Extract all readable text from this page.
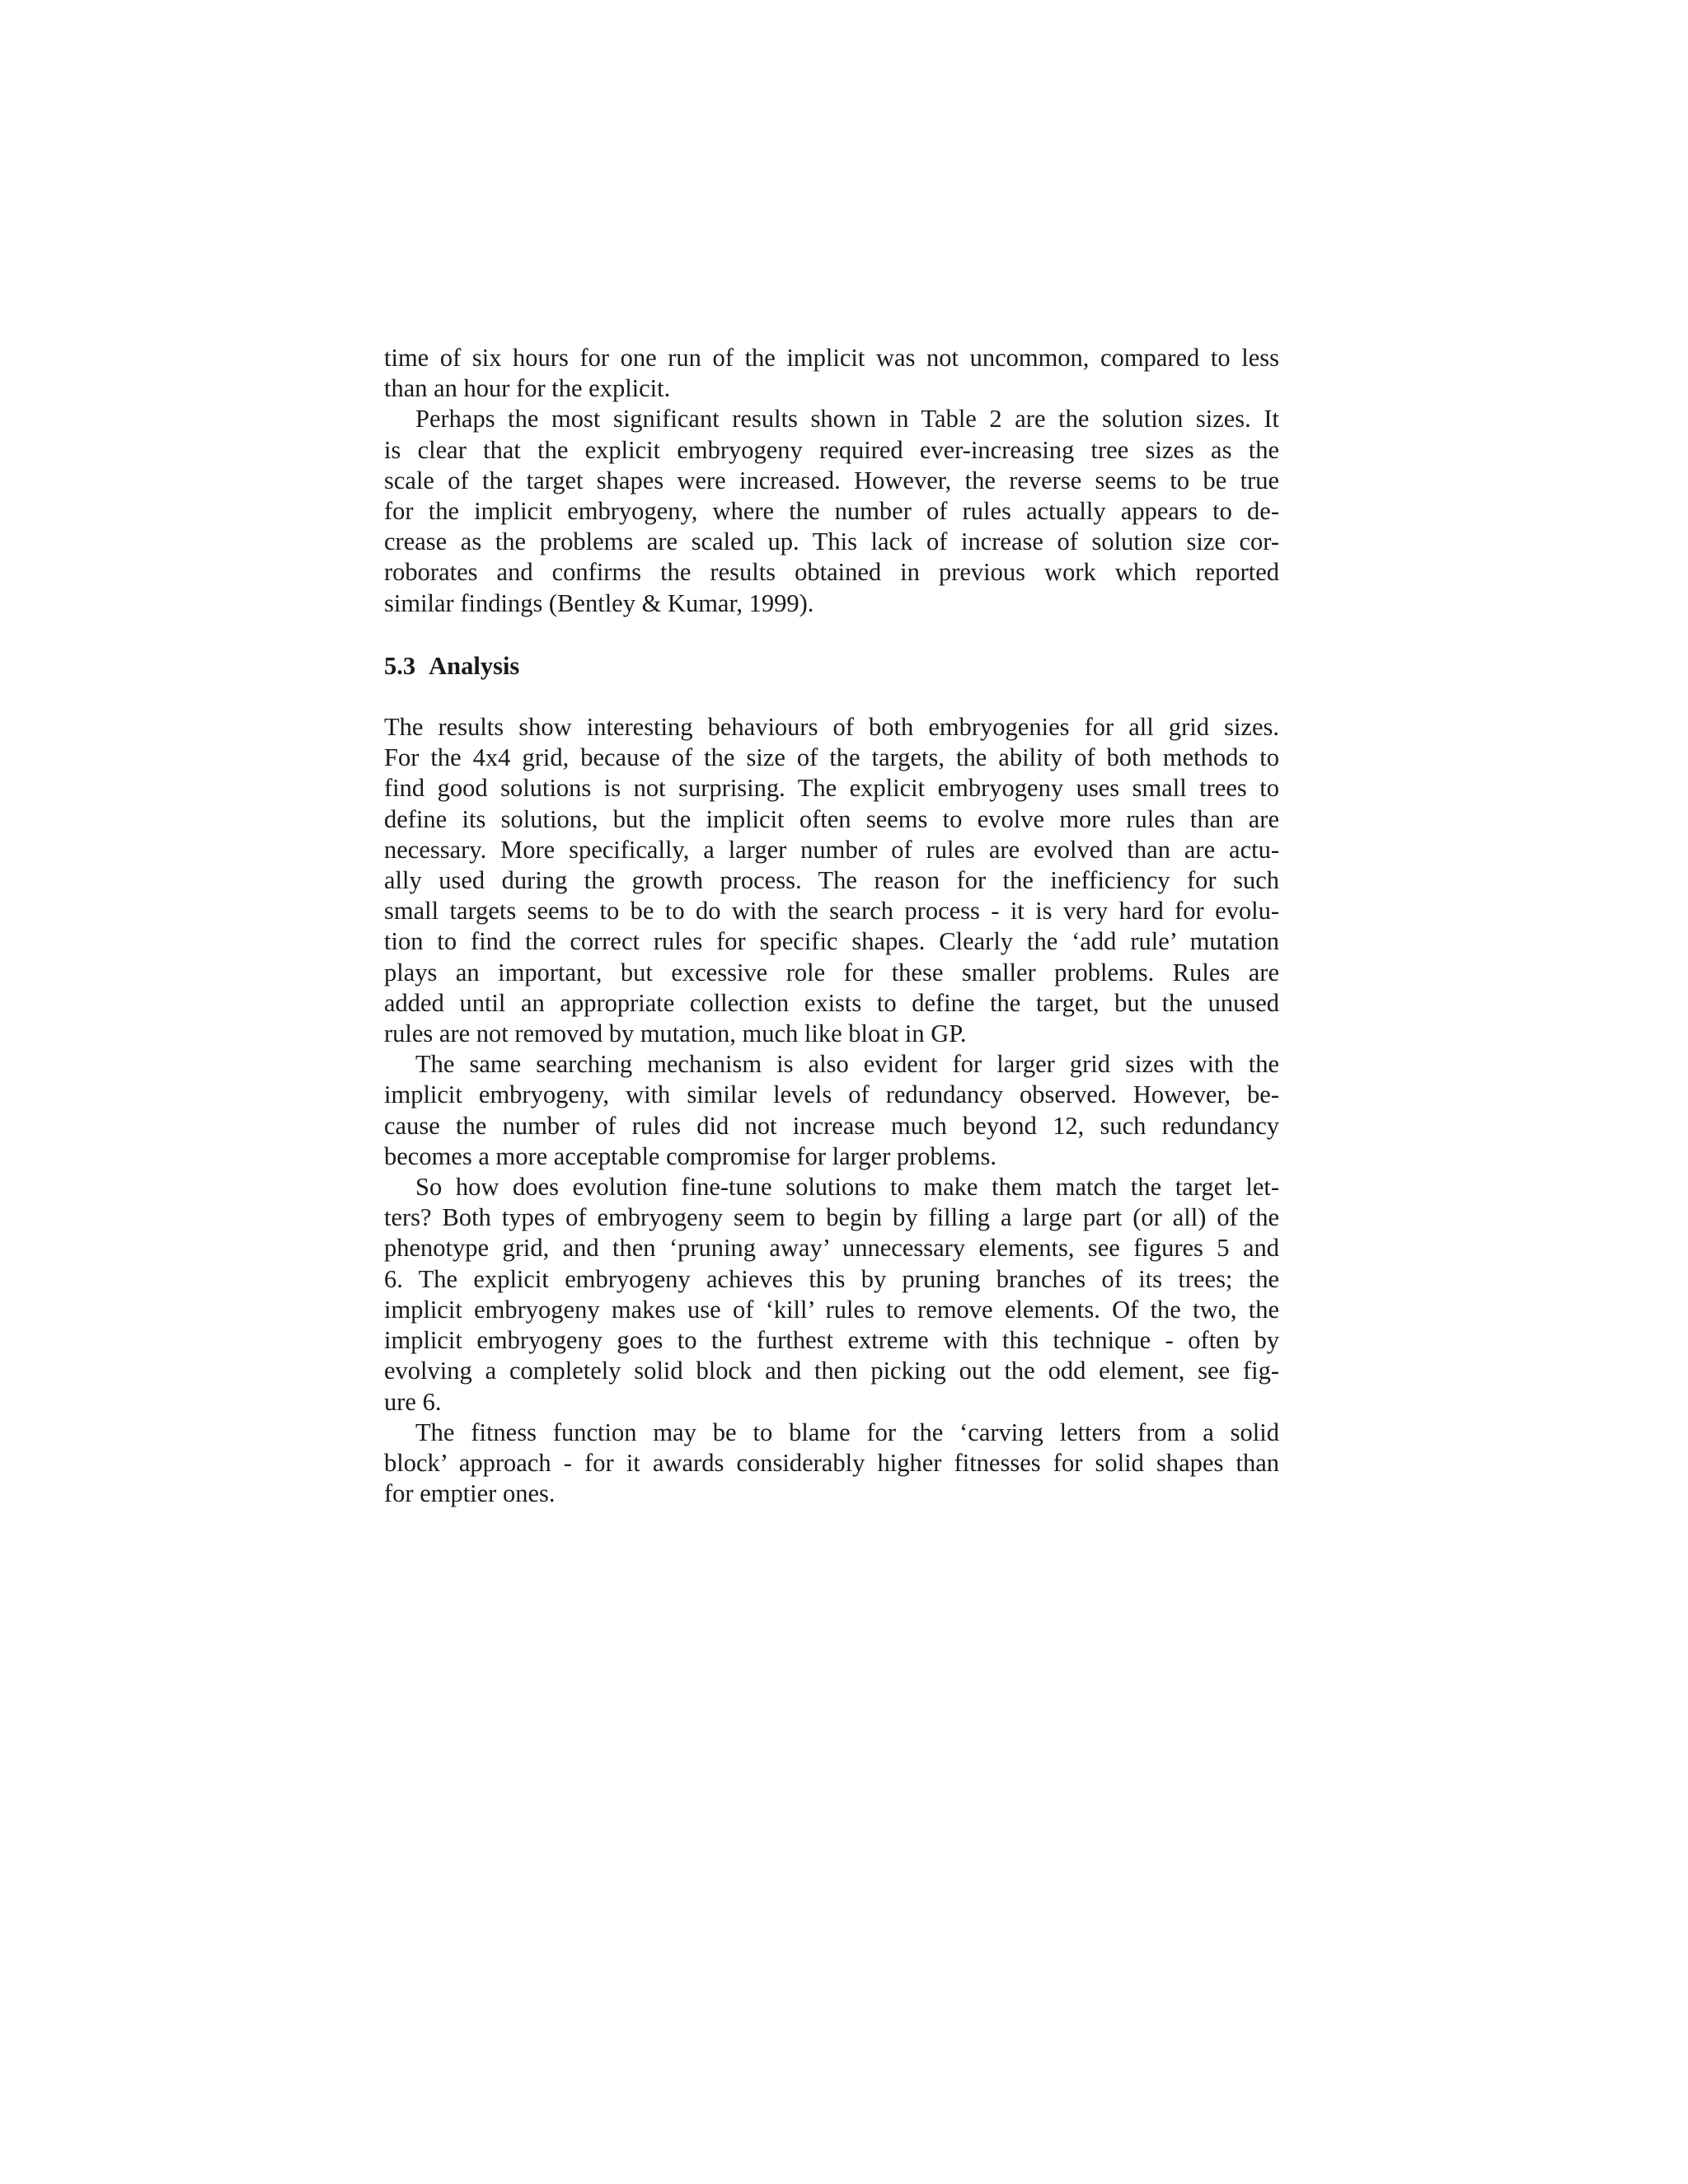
time of six hours for one run of the implicit was not uncommon, compared to less
than an hour for the explicit.
Perhaps the most significant results shown in Table 2 are the solution sizes. It
is clear that the explicit embryogeny required ever-increasing tree sizes as the
scale of the target shapes were increased. However, the reverse seems to be true
for the implicit embryogeny, where the number of rules actually appears to de-
crease as the problems are scaled up. This lack of increase of solution size cor-
roborates and confirms the results obtained in previous work which reported
similar findings (Bentley & Kumar, 1999).
5.3 Analysis
The results show interesting behaviours of both embryogenies for all grid sizes.
For the 4x4 grid, because of the size of the targets, the ability of both methods to
find good solutions is not surprising. The explicit embryogeny uses small trees to
define its solutions, but the implicit often seems to evolve more rules than are
necessary. More specifically, a larger number of rules are evolved than are actu-
ally used during the growth process. The reason for the inefficiency for such
small targets seems to be to do with the search process - it is very hard for evolu-
tion to find the correct rules for specific shapes. Clearly the ‘add rule’ mutation
plays an important, but excessive role for these smaller problems. Rules are
added until an appropriate collection exists to define the target, but the unused
rules are not removed by mutation, much like bloat in GP.
The same searching mechanism is also evident for larger grid sizes with the
implicit embryogeny, with similar levels of redundancy observed. However, be-
cause the number of rules did not increase much beyond 12, such redundancy
becomes a more acceptable compromise for larger problems.
So how does evolution fine-tune solutions to make them match the target let-
ters? Both types of embryogeny seem to begin by filling a large part (or all) of the
phenotype grid, and then ‘pruning away’ unnecessary elements, see figures 5 and
6. The explicit embryogeny achieves this by pruning branches of its trees; the
implicit embryogeny makes use of ‘kill’ rules to remove elements. Of the two, the
implicit embryogeny goes to the furthest extreme with this technique - often by
evolving a completely solid block and then picking out the odd element, see fig-
ure 6.
The fitness function may be to blame for the ‘carving letters from a solid
block’ approach - for it awards considerably higher fitnesses for solid shapes than
for emptier ones.
